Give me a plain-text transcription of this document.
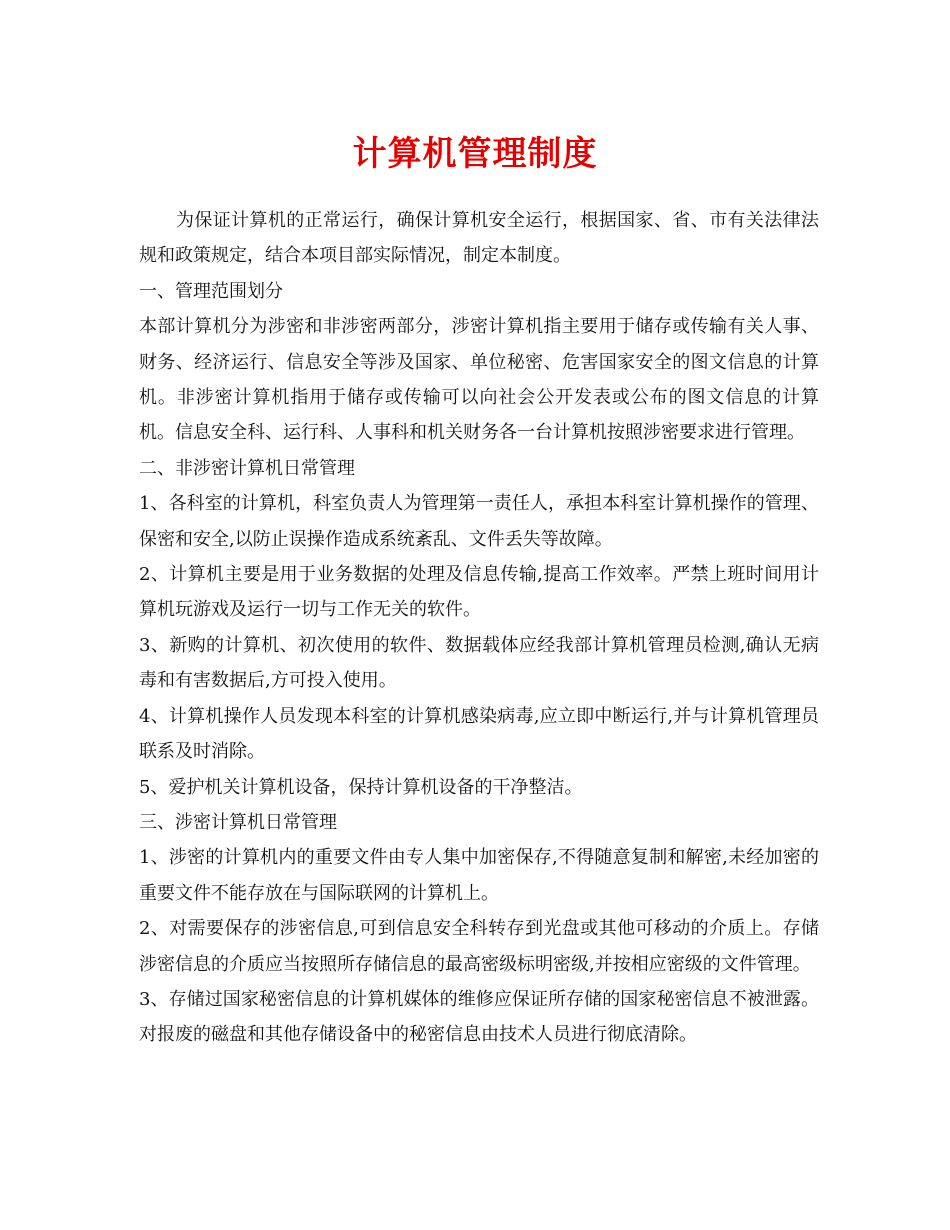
计算机管理制度

为保证计算机的正常运行，确保计算机安全运行，根据国家、省、市有关法律法规和政策规定，结合本项目部实际情况，制定本制度。

一、管理范围划分

本部计算机分为涉密和非涉密两部分，涉密计算机指主要用于储存或传输有关人事、财务、经济运行、信息安全等涉及国家、单位秘密、危害国家安全的图文信息的计算机。非涉密计算机指用于储存或传输可以向社会公开发表或公布的图文信息的计算机。信息安全科、运行科、人事科和机关财务各一台计算机按照涉密要求进行管理。

二、非涉密计算机日常管理

1、各科室的计算机，科室负责人为管理第一责任人，承担本科室计算机操作的管理、保密和安全,以防止误操作造成系统紊乱、文件丢失等故障。

2、计算机主要是用于业务数据的处理及信息传输,提高工作效率。严禁上班时间用计算机玩游戏及运行一切与工作无关的软件。

3、新购的计算机、初次使用的软件、数据载体应经我部计算机管理员检测,确认无病毒和有害数据后,方可投入使用。

4、计算机操作人员发现本科室的计算机感染病毒,应立即中断运行,并与计算机管理员联系及时消除。

5、爱护机关计算机设备，保持计算机设备的干净整洁。

三、涉密计算机日常管理

1、涉密的计算机内的重要文件由专人集中加密保存,不得随意复制和解密,未经加密的重要文件不能存放在与国际联网的计算机上。

2、对需要保存的涉密信息,可到信息安全科转存到光盘或其他可移动的介质上。存储涉密信息的介质应当按照所存储信息的最高密级标明密级,并按相应密级的文件管理。

3、存储过国家秘密信息的计算机媒体的维修应保证所存储的国家秘密信息不被泄露。对报废的磁盘和其他存储设备中的秘密信息由技术人员进行彻底清除。
